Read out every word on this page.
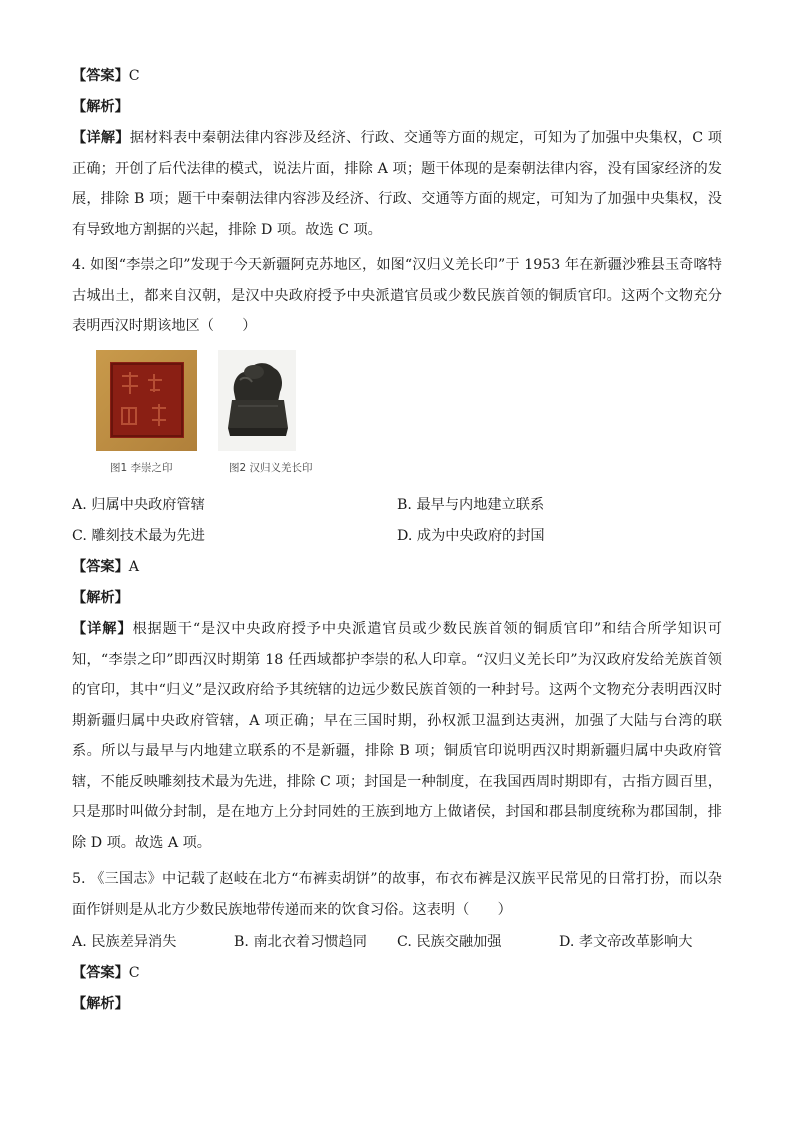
【答案】C
【解析】
【详解】据材料表中秦朝法律内容涉及经济、行政、交通等方面的规定，可知为了加强中央集权，C 项正确；开创了后代法律的模式，说法片面，排除 A 项；题干体现的是秦朝法律内容，没有国家经济的发展，排除 B 项；题干中秦朝法律内容涉及经济、行政、交通等方面的规定，可知为了加强中央集权，没有导致地方割据的兴起，排除 D 项。故选 C 项。
4. 如图“李崇之印”发现于今天新疆阿克苏地区，如图“汉归义羌长印”于 1953 年在新疆沙雅县玉奇喀特古城出土，都来自汉朝，是汉中央政府授予中央派遣官员或少数民族首领的铜质官印。这两个文物充分表明西汉时期该地区（　　）
图1 李崇之印	图2 汉归义羌长印
A. 归属中央政府管辖	B. 最早与内地建立联系
C. 雕刻技术最为先进	D. 成为中央政府的封国
【答案】A
【解析】
【详解】根据题干“是汉中央政府授予中央派遣官员或少数民族首领的铜质官印”和结合所学知识可知，“李崇之印”即西汉时期第 18 任西域都护李崇的私人印章。“汉归义羌长印”为汉政府发给羌族首领的官印，其中“归义”是汉政府给予其统辖的边远少数民族首领的一种封号。这两个文物充分表明西汉时期新疆归属中央政府管辖，A 项正确；早在三国时期，孙权派卫温到达夷洲，加强了大陆与台湾的联系。所以与最早与内地建立联系的不是新疆，排除 B 项；铜质官印说明西汉时期新疆归属中央政府管辖，不能反映雕刻技术最为先进，排除 C 项；封国是一种制度，在我国西周时期即有，古指方圆百里，只是那时叫做分封制，是在地方上分封同姓的王族到地方上做诸侯，封国和郡县制度统称为郡国制，排除 D 项。故选 A 项。
5. 《三国志》中记载了赵岐在北方“布裤卖胡饼”的故事，布衣布裤是汉族平民常见的日常打扮，而以杂面作饼则是从北方少数民族地带传递而来的饮食习俗。这表明（　　）
A. 民族差异消失	B. 南北衣着习惯趋同 C. 民族交融加强	D. 孝文帝改革影响大
【答案】C
【解析】
